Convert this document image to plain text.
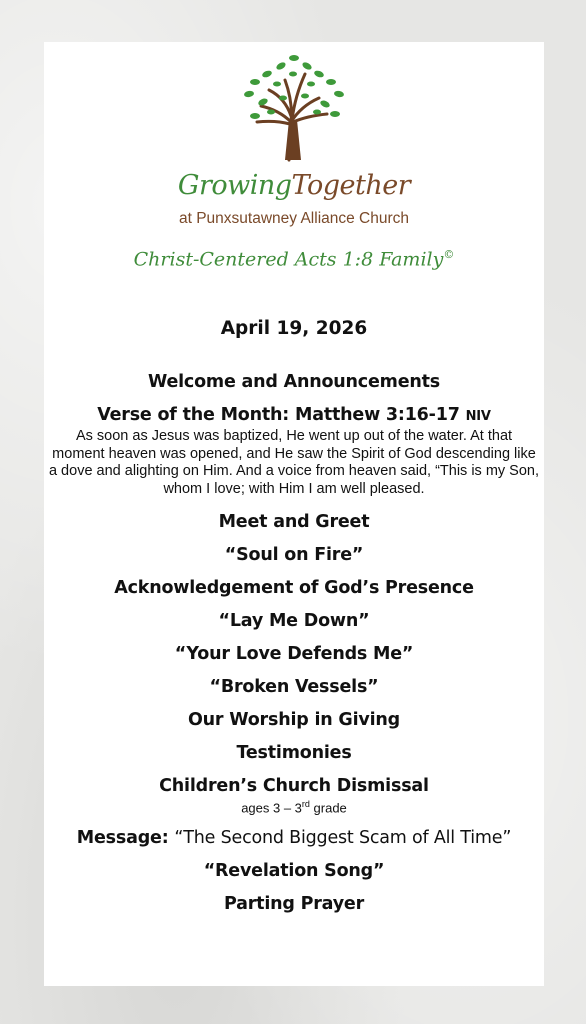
GrowingTogether
at Punxsutawney Alliance Church
Christ-Centered Acts 1:8 Family©

April 19, 2026

Welcome and Announcements

Verse of the Month: Matthew 3:16-17 NIV

As soon as Jesus was baptized, He went up out of the water. At that moment heaven was opened, and He saw the Spirit of God descending like a dove and alighting on Him. And a voice from heaven said, “This is my Son, whom I love; with Him I am well pleased.

Meet and Greet

“Soul on Fire”

Acknowledgement of God’s Presence

“Lay Me Down”

“Your Love Defends Me”

“Broken Vessels”

Our Worship in Giving

Testimonies

Children’s Church Dismissal

ages 3 – 3rd grade

Message: “The Second Biggest Scam of All Time”

“Revelation Song”

Parting Prayer
